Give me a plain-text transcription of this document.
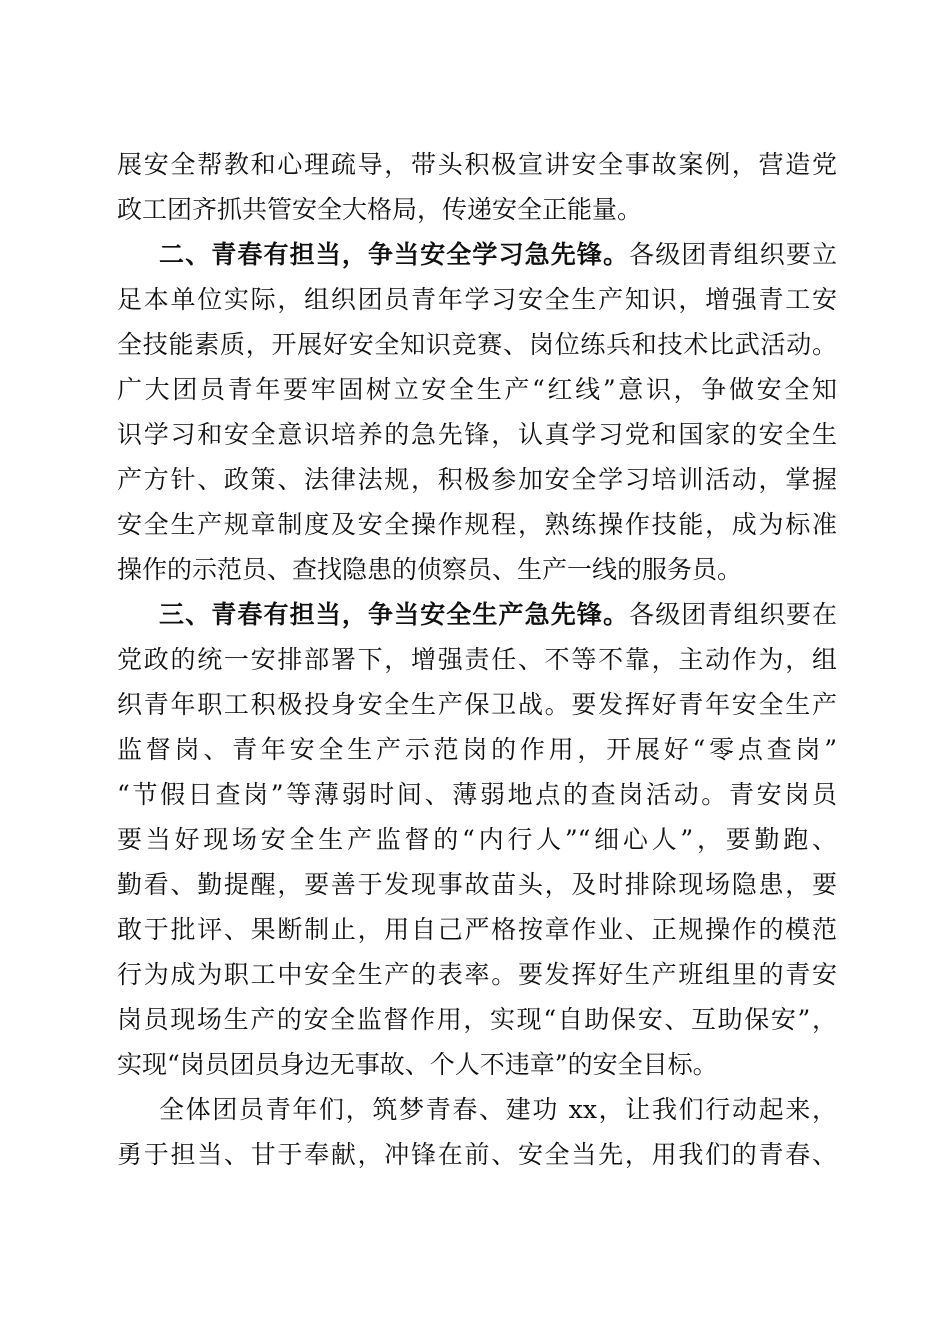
展安全帮教和心理疏导，带头积极宣讲安全事故案例，营造党
政工团齐抓共管安全大格局，传递安全正能量。
二、青春有担当，争当安全学习急先锋。各级团青组织要立
足本单位实际，组织团员青年学习安全生产知识，增强青工安
全技能素质，开展好安全知识竞赛、岗位练兵和技术比武活动。
广大团员青年要牢固树立安全生产“红线”意识，争做安全知
识学习和安全意识培养的急先锋，认真学习党和国家的安全生
产方针、政策、法律法规，积极参加安全学习培训活动，掌握
安全生产规章制度及安全操作规程，熟练操作技能，成为标准
操作的示范员、查找隐患的侦察员、生产一线的服务员。
三、青春有担当，争当安全生产急先锋。各级团青组织要在
党政的统一安排部署下，增强责任、不等不靠，主动作为，组
织青年职工积极投身安全生产保卫战。要发挥好青年安全生产
监督岗、青年安全生产示范岗的作用，开展好“零点查岗”
“节假日查岗”等薄弱时间、薄弱地点的查岗活动。青安岗员
要当好现场安全生产监督的“内行人”“细心人”，要勤跑、
勤看、勤提醒，要善于发现事故苗头，及时排除现场隐患，要
敢于批评、果断制止，用自己严格按章作业、正规操作的模范
行为成为职工中安全生产的表率。要发挥好生产班组里的青安
岗员现场生产的安全监督作用，实现“自助保安、互助保安”，
实现“岗员团员身边无事故、个人不违章”的安全目标。
全体团员青年们，筑梦青春、建功 xx，让我们行动起来，
勇于担当、甘于奉献，冲锋在前、安全当先，用我们的青春、
